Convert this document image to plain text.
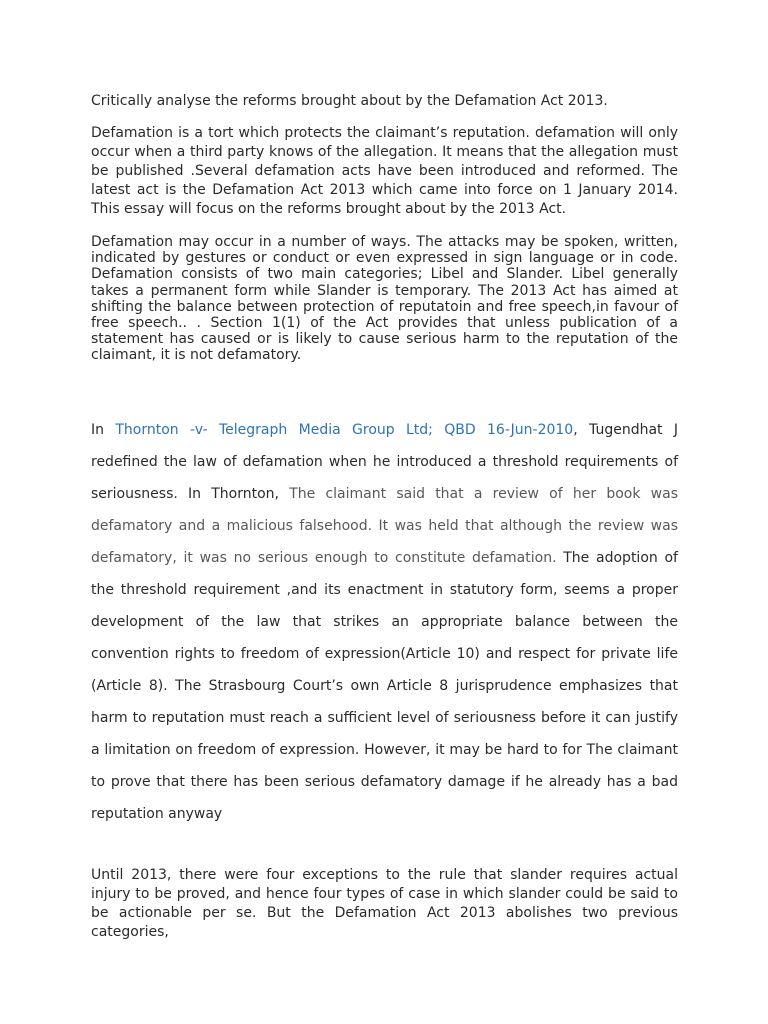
Critically analyse the reforms brought about by the Defamation Act 2013.

Defamation is a tort which protects the claimant’s reputation. defamation will only occur when a third party knows of the allegation. It means that the allegation must be published .Several defamation acts have been introduced and reformed. The latest act is the Defamation Act 2013 which came into force on 1 January 2014. This essay will focus on the reforms brought about by the 2013 Act.

Defamation may occur in a number of ways. The attacks may be spoken, written, indicated by gestures or conduct or even expressed in sign language or in code. Defamation consists of two main categories; Libel and Slander. Libel generally takes a permanent form while Slander is temporary. The 2013 Act has aimed at shifting the balance between protection of reputatoin and free speech,in favour of free speech.. . Section 1(1) of the Act provides that unless publication of a statement has caused or is likely to cause serious harm to the reputation of the claimant, it is not defamatory.

In Thornton -v- Telegraph Media Group Ltd; QBD 16-Jun-2010, Tugendhat J redefined the law of defamation when he introduced a threshold requirements of seriousness. In Thornton, The claimant said that a review of her book was defamatory and a malicious falsehood. It was held that although the review was defamatory, it was no serious enough to constitute defamation. The adoption of the threshold requirement ,and its enactment in statutory form, seems a proper development of the law that strikes an appropriate balance between the convention rights to freedom of expression(Article 10) and respect for private life (Article 8). The Strasbourg Court’s own Article 8 jurisprudence emphasizes that harm to reputation must reach a sufficient level of seriousness before it can justify a limitation on freedom of expression. However, it may be hard to for The claimant to prove that there has been serious defamatory damage if he already has a bad reputation anyway

Until 2013, there were four exceptions to the rule that slander requires actual injury to be proved, and hence four types of case in which slander could be said to be actionable per se. But the Defamation Act 2013 abolishes two previous categories,
